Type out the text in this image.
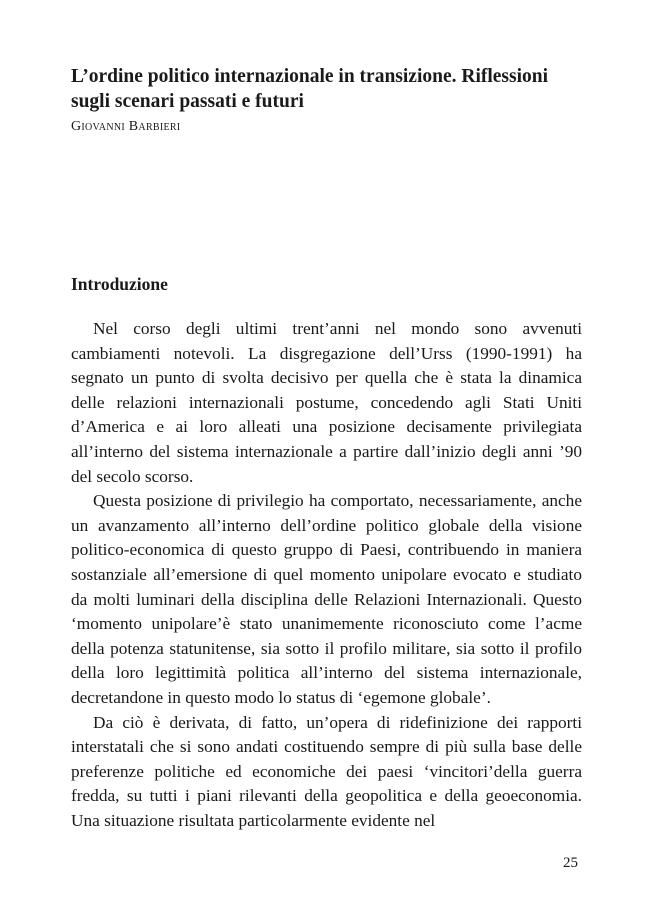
L’ordine politico internazionale in transizione. Riflessioni sugli scenari passati e futuri

Giovanni Barbieri

Introduzione

Nel corso degli ultimi trent’anni nel mondo sono avvenuti cambiamenti notevoli. La disgregazione dell’Urss (1990-1991) ha segnato un punto di svolta decisivo per quella che è stata la dinamica delle relazioni internazionali postume, concedendo agli Stati Uniti d’America e ai loro alleati una posizione decisamente privilegiata all’interno del sistema internazionale a partire dall’inizio degli anni ’90 del secolo scorso.

Questa posizione di privilegio ha comportato, necessariamente, anche un avanzamento all’interno dell’ordine politico globale della visione politico-economica di questo gruppo di Paesi, contribuendo in maniera sostanziale all’emersione di quel momento unipolare evocato e studiato da molti luminari della disciplina delle Relazioni Internazionali. Questo ‘momento unipolare’è stato unanimemente riconosciuto come l’acme della potenza statunitense, sia sotto il profilo militare, sia sotto il profilo della loro legittimità politica all’interno del sistema internazionale, decretandone in questo modo lo status di ‘egemone globale’.

Da ciò è derivata, di fatto, un’opera di ridefinizione dei rapporti interstatali che si sono andati costituendo sempre di più sulla base delle preferenze politiche ed economiche dei paesi ‘vincitori’della guerra fredda, su tutti i piani rilevanti della geopolitica e della geoeconomia. Una situazione risultata particolarmente evidente nel

25
